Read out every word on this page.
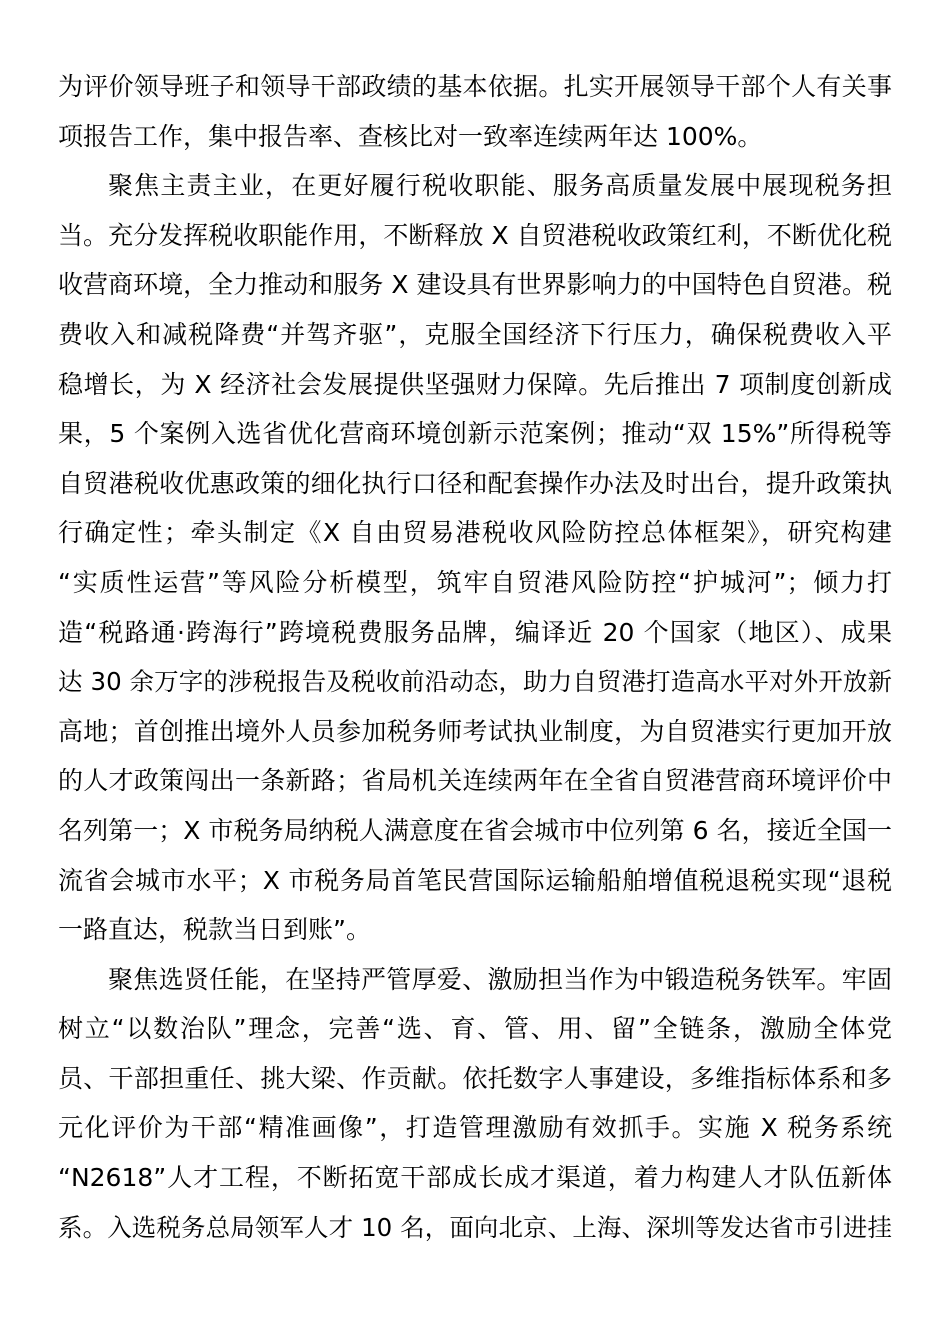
为评价领导班子和领导干部政绩的基本依据。扎实开展领导干部个人有关事
项报告工作，集中报告率、查核比对一致率连续两年达 100%。
聚焦主责主业，在更好履行税收职能、服务高质量发展中展现税务担
当。充分发挥税收职能作用，不断释放 X 自贸港税收政策红利，不断优化税
收营商环境，全力推动和服务 X 建设具有世界影响力的中国特色自贸港。税
费收入和减税降费“并驾齐驱”，克服全国经济下行压力，确保税费收入平
稳增长，为 X 经济社会发展提供坚强财力保障。先后推出 7 项制度创新成
果，5 个案例入选省优化营商环境创新示范案例；推动“双 15%”所得税等
自贸港税收优惠政策的细化执行口径和配套操作办法及时出台，提升政策执
行确定性；牵头制定《X 自由贸易港税收风险防控总体框架》，研究构建
“实质性运营”等风险分析模型，筑牢自贸港风险防控“护城河”；倾力打
造“税路通·跨海行”跨境税费服务品牌，编译近 20 个国家（地区）、成果
达 30 余万字的涉税报告及税收前沿动态，助力自贸港打造高水平对外开放新
高地；首创推出境外人员参加税务师考试执业制度，为自贸港实行更加开放
的人才政策闯出一条新路；省局机关连续两年在全省自贸港营商环境评价中
名列第一；X 市税务局纳税人满意度在省会城市中位列第 6 名，接近全国一
流省会城市水平；X 市税务局首笔民营国际运输船舶增值税退税实现“退税
一路直达，税款当日到账”。
聚焦选贤任能，在坚持严管厚爱、激励担当作为中锻造税务铁军。牢固
树立“以数治队”理念，完善“选、育、管、用、留”全链条，激励全体党
员、干部担重任、挑大梁、作贡献。依托数字人事建设，多维指标体系和多
元化评价为干部“精准画像”，打造管理激励有效抓手。实施 X 税务系统
“N2618”人才工程，不断拓宽干部成长成才渠道，着力构建人才队伍新体
系。入选税务总局领军人才 10 名，面向北京、上海、深圳等发达省市引进挂
